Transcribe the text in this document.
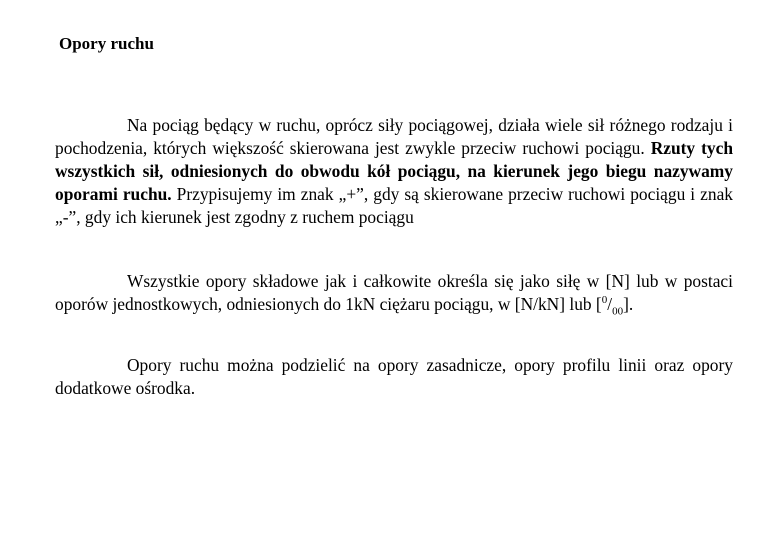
Opory ruchu

Na pociąg będący w ruchu, oprócz siły pociągowej, działa wiele sił różnego rodzaju i pochodzenia, których większość skierowana jest zwykle przeciw ruchowi pociągu. Rzuty tych wszystkich sił, odniesionych do obwodu kół pociągu, na kierunek jego biegu nazywamy oporami ruchu. Przypisujemy im znak „+”, gdy są skierowane przeciw ruchowi pociągu i znak „-”, gdy ich kierunek jest zgodny z ruchem pociągu

Wszystkie opory składowe jak i całkowite określa się jako siłę w [N] lub w postaci oporów jednostkowych, odniesionych do 1kN ciężaru pociągu, w [N/kN] lub $[^0/_{00}]$.

Opory ruchu można podzielić na opory zasadnicze, opory profilu linii oraz opory dodatkowe ośrodka.
